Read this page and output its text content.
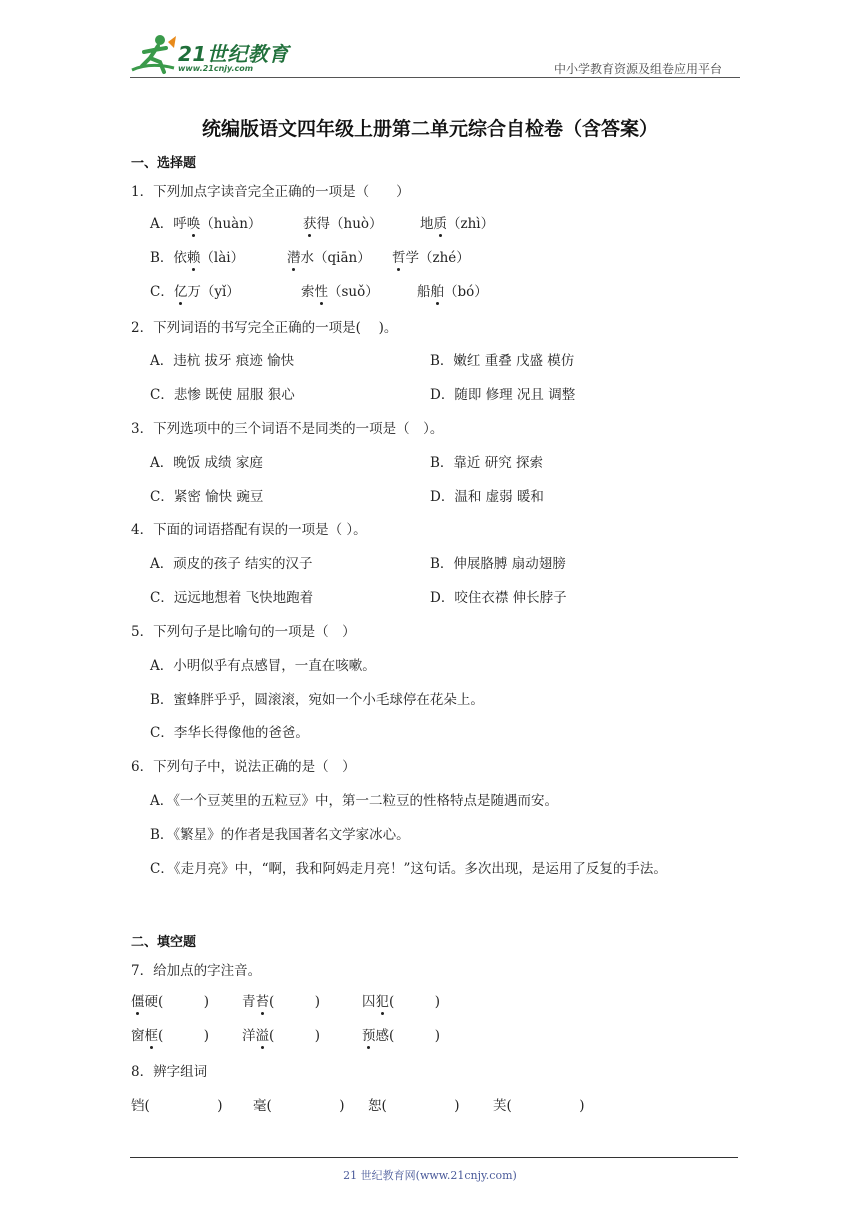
21世纪教育
www.21cnjy.com	中小学教育资源及组卷应用平台
统编版语文四年级上册第二单元综合自检卷（含答案）
一、选择题
1．下列加点字读音完全正确的一项是（　　）
A．呼唤（huàn）	获得（huò）	地质（zhì）
B．依赖（lài）	潜水（qiān） 哲学（zhé）
C．亿万（yǐ）	索性（suǒ）	船舶（bó）
2．下列词语的书写完全正确的一项是(　 )。
A．违杭 拔牙 痕迹 愉快	B．嫩红 重叠 戊盛 模仿
C．悲惨 既使 屈服 狠心	D．随即 修理 况且 调整
3．下列选项中的三个词语不是同类的一项是（　）。
A．晚饭 成绩 家庭	B．靠近 研究 探索
C．紧密 愉快 豌豆	D．温和 虚弱 暖和
4．下面的词语搭配有误的一项是（ ）。
A．顽皮的孩子 结实的汉子	B．伸展胳膊 扇动翅膀
C．远远地想着 飞快地跑着	D．咬住衣襟 伸长脖子
5．下列句子是比喻句的一项是（　）
A．小明似乎有点感冒，一直在咳嗽。
B．蜜蜂胖乎乎，圆滚滚，宛如一个小毛球停在花朵上。
C．李华长得像他的爸爸。
6．下列句子中，说法正确的是（　）
A．《一个豆荚里的五粒豆》中，第一二粒豆的性格特点是随遇而安。
B．《繁星》的作者是我国著名文学家冰心。
C．《走月亮》中，“啊，我和阿妈走月亮！”这句话。多次出现，是运用了反复的手法。
二、填空题
7．给加点的字注音。
僵硬(　　　) 青苔(　　　)	囚犯(　　　)
窗框(　　　) 洋溢(　　　)	预感(　　　)
8．辨字组词
铛(　　　　　) 毫(　　　　　) 恕(　　　　　) 芙(　　　　　)
21 世纪教育网(www.21cnjy.com)
